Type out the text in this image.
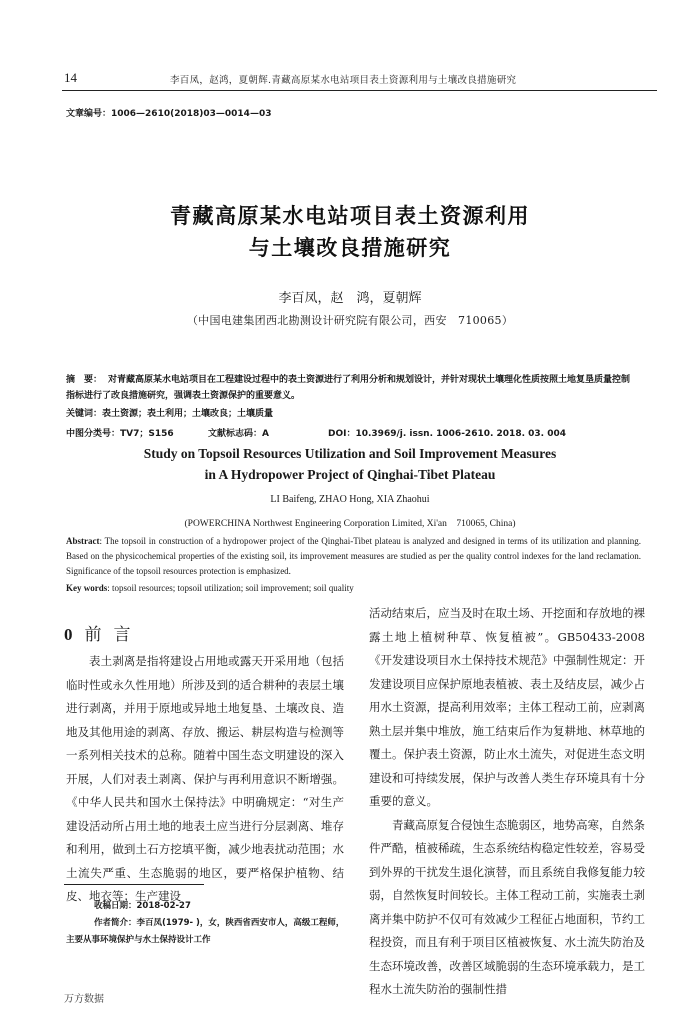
14	李百凤，赵鸿，夏朝辉.青藏高原某水电站项目表土资源利用与土壤改良措施研究
文章编号：1006—2610(2018)03—0014—03
青藏高原某水电站项目表土资源利用
与土壤改良措施研究
李百凤，赵　鸿，夏朝辉
（中国电建集团西北勘测设计研究院有限公司，西安　710065）
摘　要： 对青藏高原某水电站项目在工程建设过程中的表土资源进行了利用分析和规划设计，并针对现状土壤理化性质按照土地复垦质量控制指标进行了改良措施研究，强调表土资源保护的重要意义。
关键词：表土资源；表土利用；土壤改良；土壤质量
中图分类号：TV7；S156	文献标志码：A	DOI：10.3969/j. issn. 1006-2610. 2018. 03. 004
Study on Topsoil Resources Utilization and Soil Improvement Measures
in A Hydropower Project of Qinghai-Tibet Plateau
LI Baifeng, ZHAO Hong, XIA Zhaohui
(POWERCHINA Northwest Engineering Corporation Limited, Xi'an　710065, China)
Abstract: The topsoil in construction of a hydropower project of the Qinghai-Tibet plateau is analyzed and designed in terms of its utilization and planning. Based on the physicochemical properties of the existing soil, its improvement measures are studied as per the quality control indexes for the land reclamation. Significance of the topsoil resources protection is emphasized.
Key words: topsoil resources; topsoil utilization; soil improvement; soil quality
0 前言
表土剥离是指将建设占用地或露天开采用地（包括临时性或永久性用地）所涉及到的适合耕种的表层土壤进行剥离，并用于原地或异地土地复垦、土壤改良、造地及其他用途的剥离、存放、搬运、耕层构造与检测等一系列相关技术的总称。随着中国生态文明建设的深入开展，人们对表土剥离、保护与再利用意识不断增强。《中华人民共和国水土保持法》中明确规定：“对生产建设活动所占用土地的地表土应当进行分层剥离、堆存和利用，做到土石方挖填平衡，减少地表扰动范围；水土流失严重、生态脆弱的地区，要严格保护植物、结皮、地衣等；生产建设

活动结束后，应当及时在取土场、开挖面和存放地的裸露土地上植树种草、恢复植被”。GB50433-2008《开发建设项目水土保持技术规范》中强制性规定：开发建设项目应保护原地表植被、表土及结皮层，减少占用水土资源，提高利用效率；主体工程动工前，应剥离熟土层并集中堆放，施工结束后作为复耕地、林草地的覆土。保护表土资源，防止水土流失，对促进生态文明建设和可持续发展，保护与改善人类生存环境具有十分重要的意义。

青藏高原复合侵蚀生态脆弱区，地势高寒，自然条件严酷，植被稀疏，生态系统结构稳定性较差，容易受到外界的干扰发生退化演替，而且系统自我修复能力较弱，自然恢复时间较长。主体工程动工前，实施表土剥离并集中防护不仅可有效减少工程征占地面积，节约工程投资，而且有利于项目区植被恢复、水土流失防治及生态环境改善，改善区域脆弱的生态环境承载力，是工程水土流失防治的强制性措

收稿日期：2018-02-27
作者简介：李百凤(1979- )，女，陕西省西安市人，高级工程师，主要从事环境保护与水土保持设计工作
万方数据
